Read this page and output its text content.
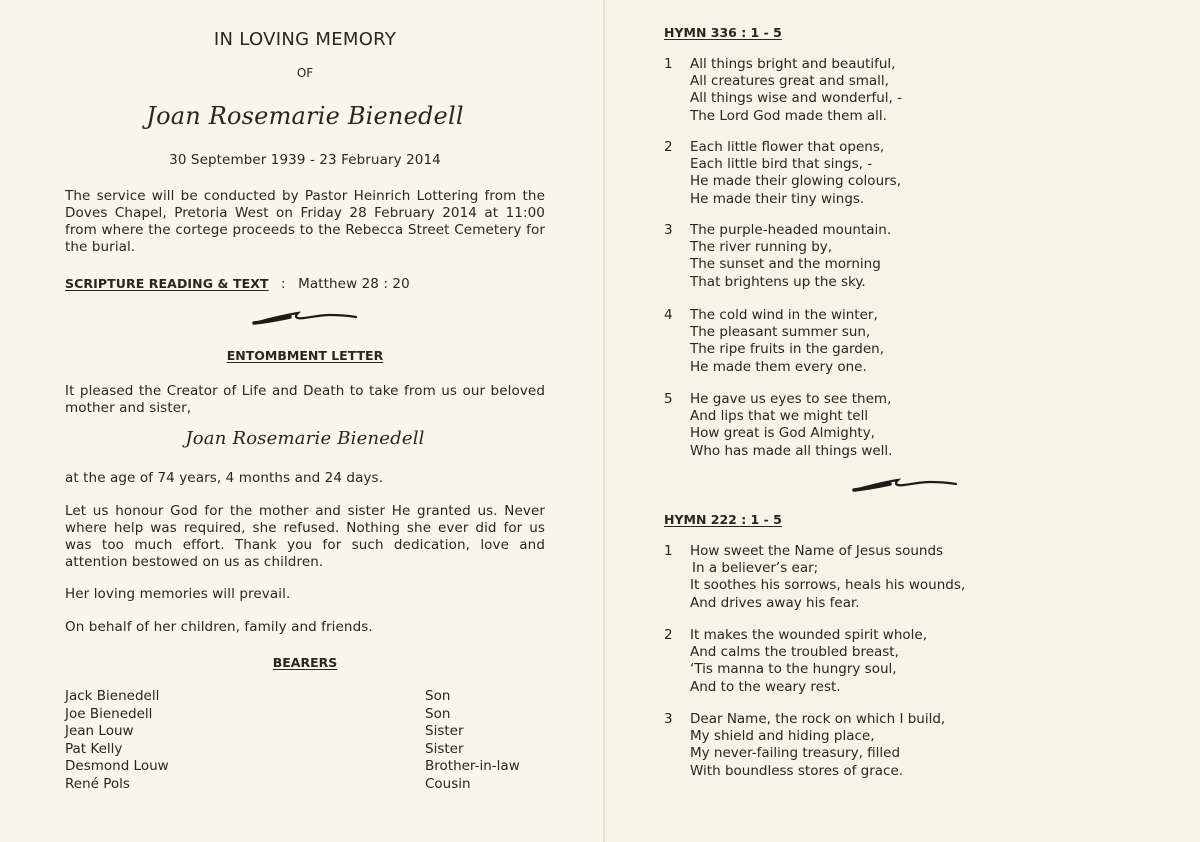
IN LOVING MEMORY
OF
Joan Rosemarie Bienedell
30 September 1939 - 23 February 2014
The service will be conducted by Pastor Heinrich Lottering from the Doves Chapel, Pretoria West on Friday 28 February 2014 at 11:00 from where the cortege proceeds to the Rebecca Street Cemetery for the burial.
SCRIPTURE READING & TEXT : Matthew 28 : 20
ENTOMBMENT LETTER
It pleased the Creator of Life and Death to take from us our beloved mother and sister,
Joan Rosemarie Bienedell
at the age of 74 years, 4 months and 24 days.
Let us honour God for the mother and sister He granted us. Never where help was required, she refused. Nothing she ever did for us was too much effort. Thank you for such dedication, love and attention bestowed on us as children.
Her loving memories will prevail.
On behalf of her children, family and friends.
BEARERS
Jack Bienedell	Son
Joe Bienedell	Son
Jean Louw	Sister
Pat Kelly	Sister
Desmond Louw	Brother-in-law
René Pols	Cousin
HYMN 336 : 1 - 5
1 All things bright and beautiful,
All creatures great and small,
All things wise and wonderful, -
The Lord God made them all.
2 Each little flower that opens,
Each little bird that sings, -
He made their glowing colours,
He made their tiny wings.
3 The purple-headed mountain.
The river running by,
The sunset and the morning
That brightens up the sky.
4 The cold wind in the winter,
The pleasant summer sun,
The ripe fruits in the garden,
He made them every one.
5 He gave us eyes to see them,
And lips that we might tell
How great is God Almighty,
Who has made all things well.
HYMN 222 : 1 - 5
1 How sweet the Name of Jesus sounds
In a believer’s ear;
It soothes his sorrows, heals his wounds,
And drives away his fear.
2 It makes the wounded spirit whole,
And calms the troubled breast,
‘Tis manna to the hungry soul,
And to the weary rest.
3 Dear Name, the rock on which I build,
My shield and hiding place,
My never-failing treasury, filled
With boundless stores of grace.
